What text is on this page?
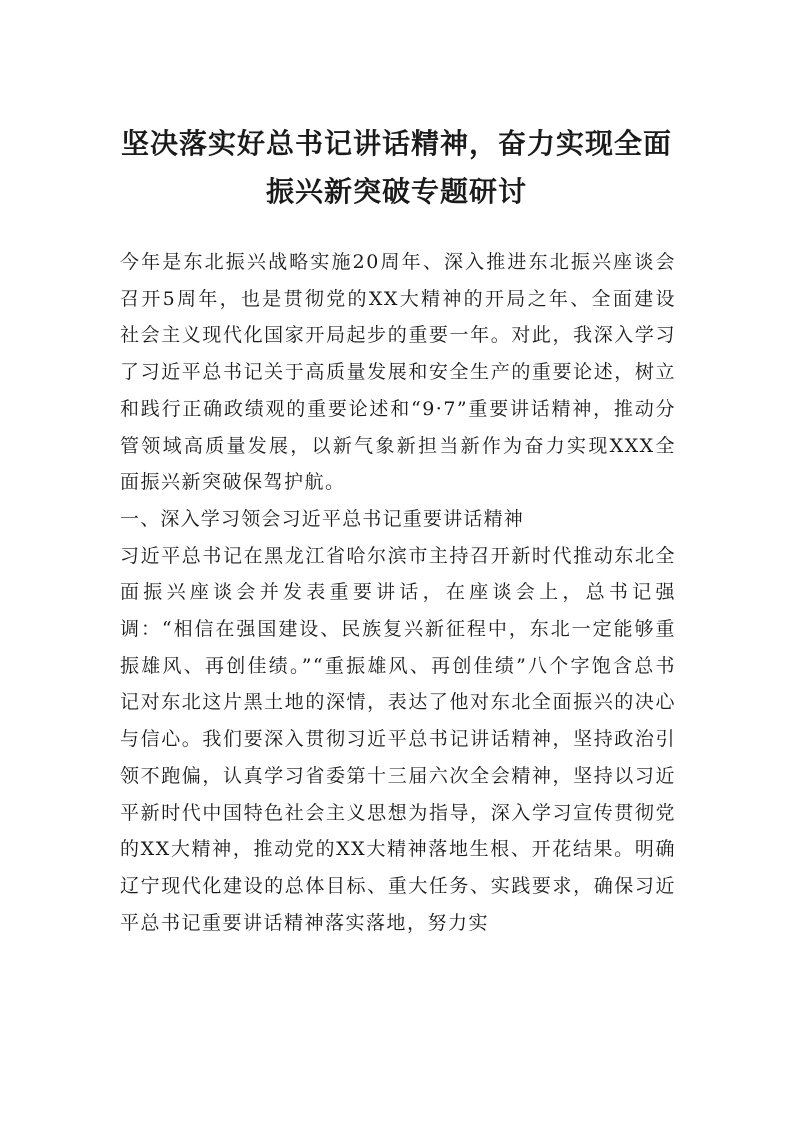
坚决落实好总书记讲话精神，奋力实现全面
振兴新突破专题研讨

今年是东北振兴战略实施20周年、深入推进东北振兴座谈会召开5周年，也是贯彻党的XX大精神的开局之年、全面建设社会主义现代化国家开局起步的重要一年。对此，我深入学习了习近平总书记关于高质量发展和安全生产的重要论述，树立和践行正确政绩观的重要论述和“9·7”重要讲话精神，推动分管领域高质量发展，以新气象新担当新作为奋力实现XXX全面振兴新突破保驾护航。

一、深入学习领会习近平总书记重要讲话精神

习近平总书记在黑龙江省哈尔滨市主持召开新时代推动东北全面振兴座谈会并发表重要讲话，在座谈会上，总书记强调：“相信在强国建设、民族复兴新征程中，东北一定能够重振雄风、再创佳绩。”“重振雄风、再创佳绩”八个字饱含总书记对东北这片黑土地的深情，表达了他对东北全面振兴的决心与信心。我们要深入贯彻习近平总书记讲话精神，坚持政治引领不跑偏，认真学习省委第十三届六次全会精神，坚持以习近平新时代中国特色社会主义思想为指导，深入学习宣传贯彻党的XX大精神，推动党的XX大精神落地生根、开花结果。明确辽宁现代化建设的总体目标、重大任务、实践要求，确保习近平总书记重要讲话精神落实落地，努力实
